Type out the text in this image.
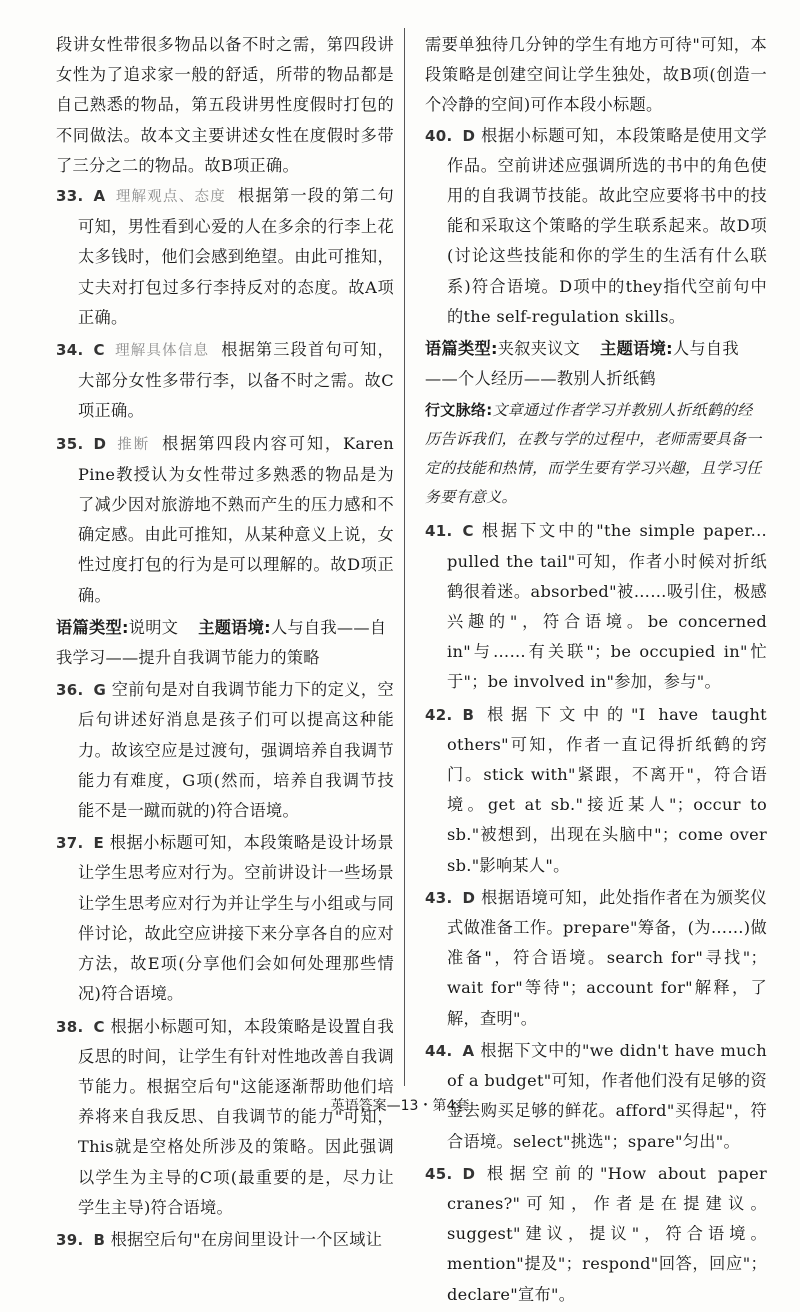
段讲女性带很多物品以备不时之需，第四段讲女性为了追求家一般的舒适，所带的物品都是自己熟悉的物品，第五段讲男性度假时打包的不同做法。故本文主要讲述女性在度假时多带了三分之二的物品。故B项正确。

33. A 理解观点、态度 根据第一段的第二句可知，男性看到心爱的人在多余的行李上花太多钱时，他们会感到绝望。由此可推知，丈夫对打包过多行李持反对的态度。故A项正确。

34. C 理解具体信息 根据第三段首句可知，大部分女性多带行李，以备不时之需。故C项正确。

35. D 推断 根据第四段内容可知，Karen Pine教授认为女性带过多熟悉的物品是为了减少因对旅游地不熟而产生的压力感和不确定感。由此可推知，从某种意义上说，女性过度打包的行为是可以理解的。故D项正确。

语篇类型:说明文 主题语境:人与自我——自我学习——提升自我调节能力的策略

36. G 空前句是对自我调节能力下的定义，空后句讲述好消息是孩子们可以提高这种能力。故该空应是过渡句，强调培养自我调节能力有难度，G项(然而，培养自我调节技能不是一蹴而就的)符合语境。

37. E 根据小标题可知，本段策略是设计场景让学生思考应对行为。空前讲设计一些场景让学生思考应对行为并让学生与小组或与同伴讨论，故此空应讲接下来分享各自的应对方法，故E项(分享他们会如何处理那些情况)符合语境。

38. C 根据小标题可知，本段策略是设置自我反思的时间，让学生有针对性地改善自我调节能力。根据空后句"这能逐渐帮助他们培养将来自我反思、自我调节的能力"可知，This就是空格处所涉及的策略。因此强调以学生为主导的C项(最重要的是，尽力让学生主导)符合语境。

39. B 根据空后句"在房间里设计一个区域让

需要单独待几分钟的学生有地方可待"可知，本段策略是创建空间让学生独处，故B项(创造一个冷静的空间)可作本段小标题。

40. D 根据小标题可知，本段策略是使用文学作品。空前讲述应强调所选的书中的角色使用的自我调节技能。故此空应要将书中的技能和采取这个策略的学生联系起来。故D项(讨论这些技能和你的学生的生活有什么联系)符合语境。D项中的they指代空前句中的the self-regulation skills。

语篇类型:夹叙夹议文 主题语境:人与自我——个人经历——教别人折纸鹤

行文脉络:文章通过作者学习并教别人折纸鹤的经历告诉我们，在教与学的过程中，老师需要具备一定的技能和热情，而学生要有学习兴趣，且学习任务要有意义。

41. C 根据下文中的"the simple paper... pulled the tail"可知，作者小时候对折纸鹤很着迷。absorbed"被……吸引住，极感兴趣的"，符合语境。be concerned in"与……有关联"；be occupied in"忙于"；be involved in"参加，参与"。

42. B 根据下文中的"I have taught others"可知，作者一直记得折纸鹤的窍门。stick with"紧跟，不离开"，符合语境。get at sb."接近某人"；occur to sb."被想到，出现在头脑中"；come over sb."影响某人"。

43. D 根据语境可知，此处指作者在为颁奖仪式做准备工作。prepare"筹备，(为……)做准备"，符合语境。search for"寻找"；wait for"等待"；account for"解释，了解，查明"。

44. A 根据下文中的"we didn't have much of a budget"可知，作者他们没有足够的资金去购买足够的鲜花。afford"买得起"，符合语境。select"挑选"；spare"匀出"。

45. D 根据空前的"How about paper cranes?"可知，作者是在提建议。suggest"建议，提议"，符合语境。mention"提及"；respond"回答，回应"；declare"宣布"。

英语答案—13・第4套
